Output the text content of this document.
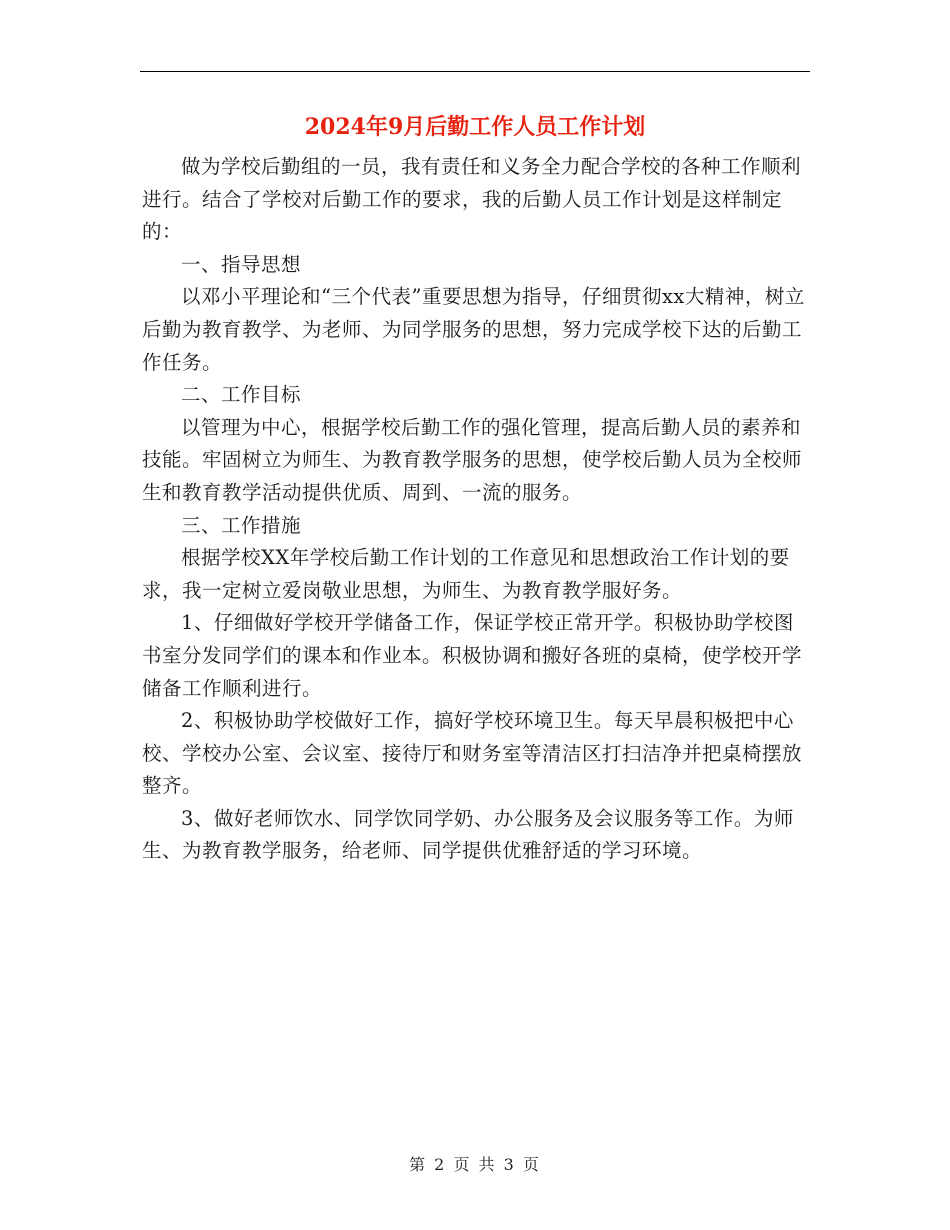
2024年9月后勤工作人员工作计划

做为学校后勤组的一员，我有责任和义务全力配合学校的各种工作顺利进行。结合了学校对后勤工作的要求，我的后勤人员工作计划是这样制定的：

一、指导思想

以邓小平理论和“三个代表”重要思想为指导，仔细贯彻xx大精神，树立后勤为教育教学、为老师、为同学服务的思想，努力完成学校下达的后勤工作任务。

二、工作目标

以管理为中心，根据学校后勤工作的强化管理，提高后勤人员的素养和技能。牢固树立为师生、为教育教学服务的思想，使学校后勤人员为全校师生和教育教学活动提供优质、周到、一流的服务。

三、工作措施

根据学校XX年学校后勤工作计划的工作意见和思想政治工作计划的要求，我一定树立爱岗敬业思想，为师生、为教育教学服好务。

1、仔细做好学校开学储备工作，保证学校正常开学。积极协助学校图书室分发同学们的课本和作业本。积极协调和搬好各班的桌椅，使学校开学储备工作顺利进行。

2、积极协助学校做好工作，搞好学校环境卫生。每天早晨积极把中心校、学校办公室、会议室、接待厅和财务室等清洁区打扫洁净并把桌椅摆放整齐。

3、做好老师饮水、同学饮同学奶、办公服务及会议服务等工作。为师生、为教育教学服务，给老师、同学提供优雅舒适的学习环境。

第 2 页 共 3 页
